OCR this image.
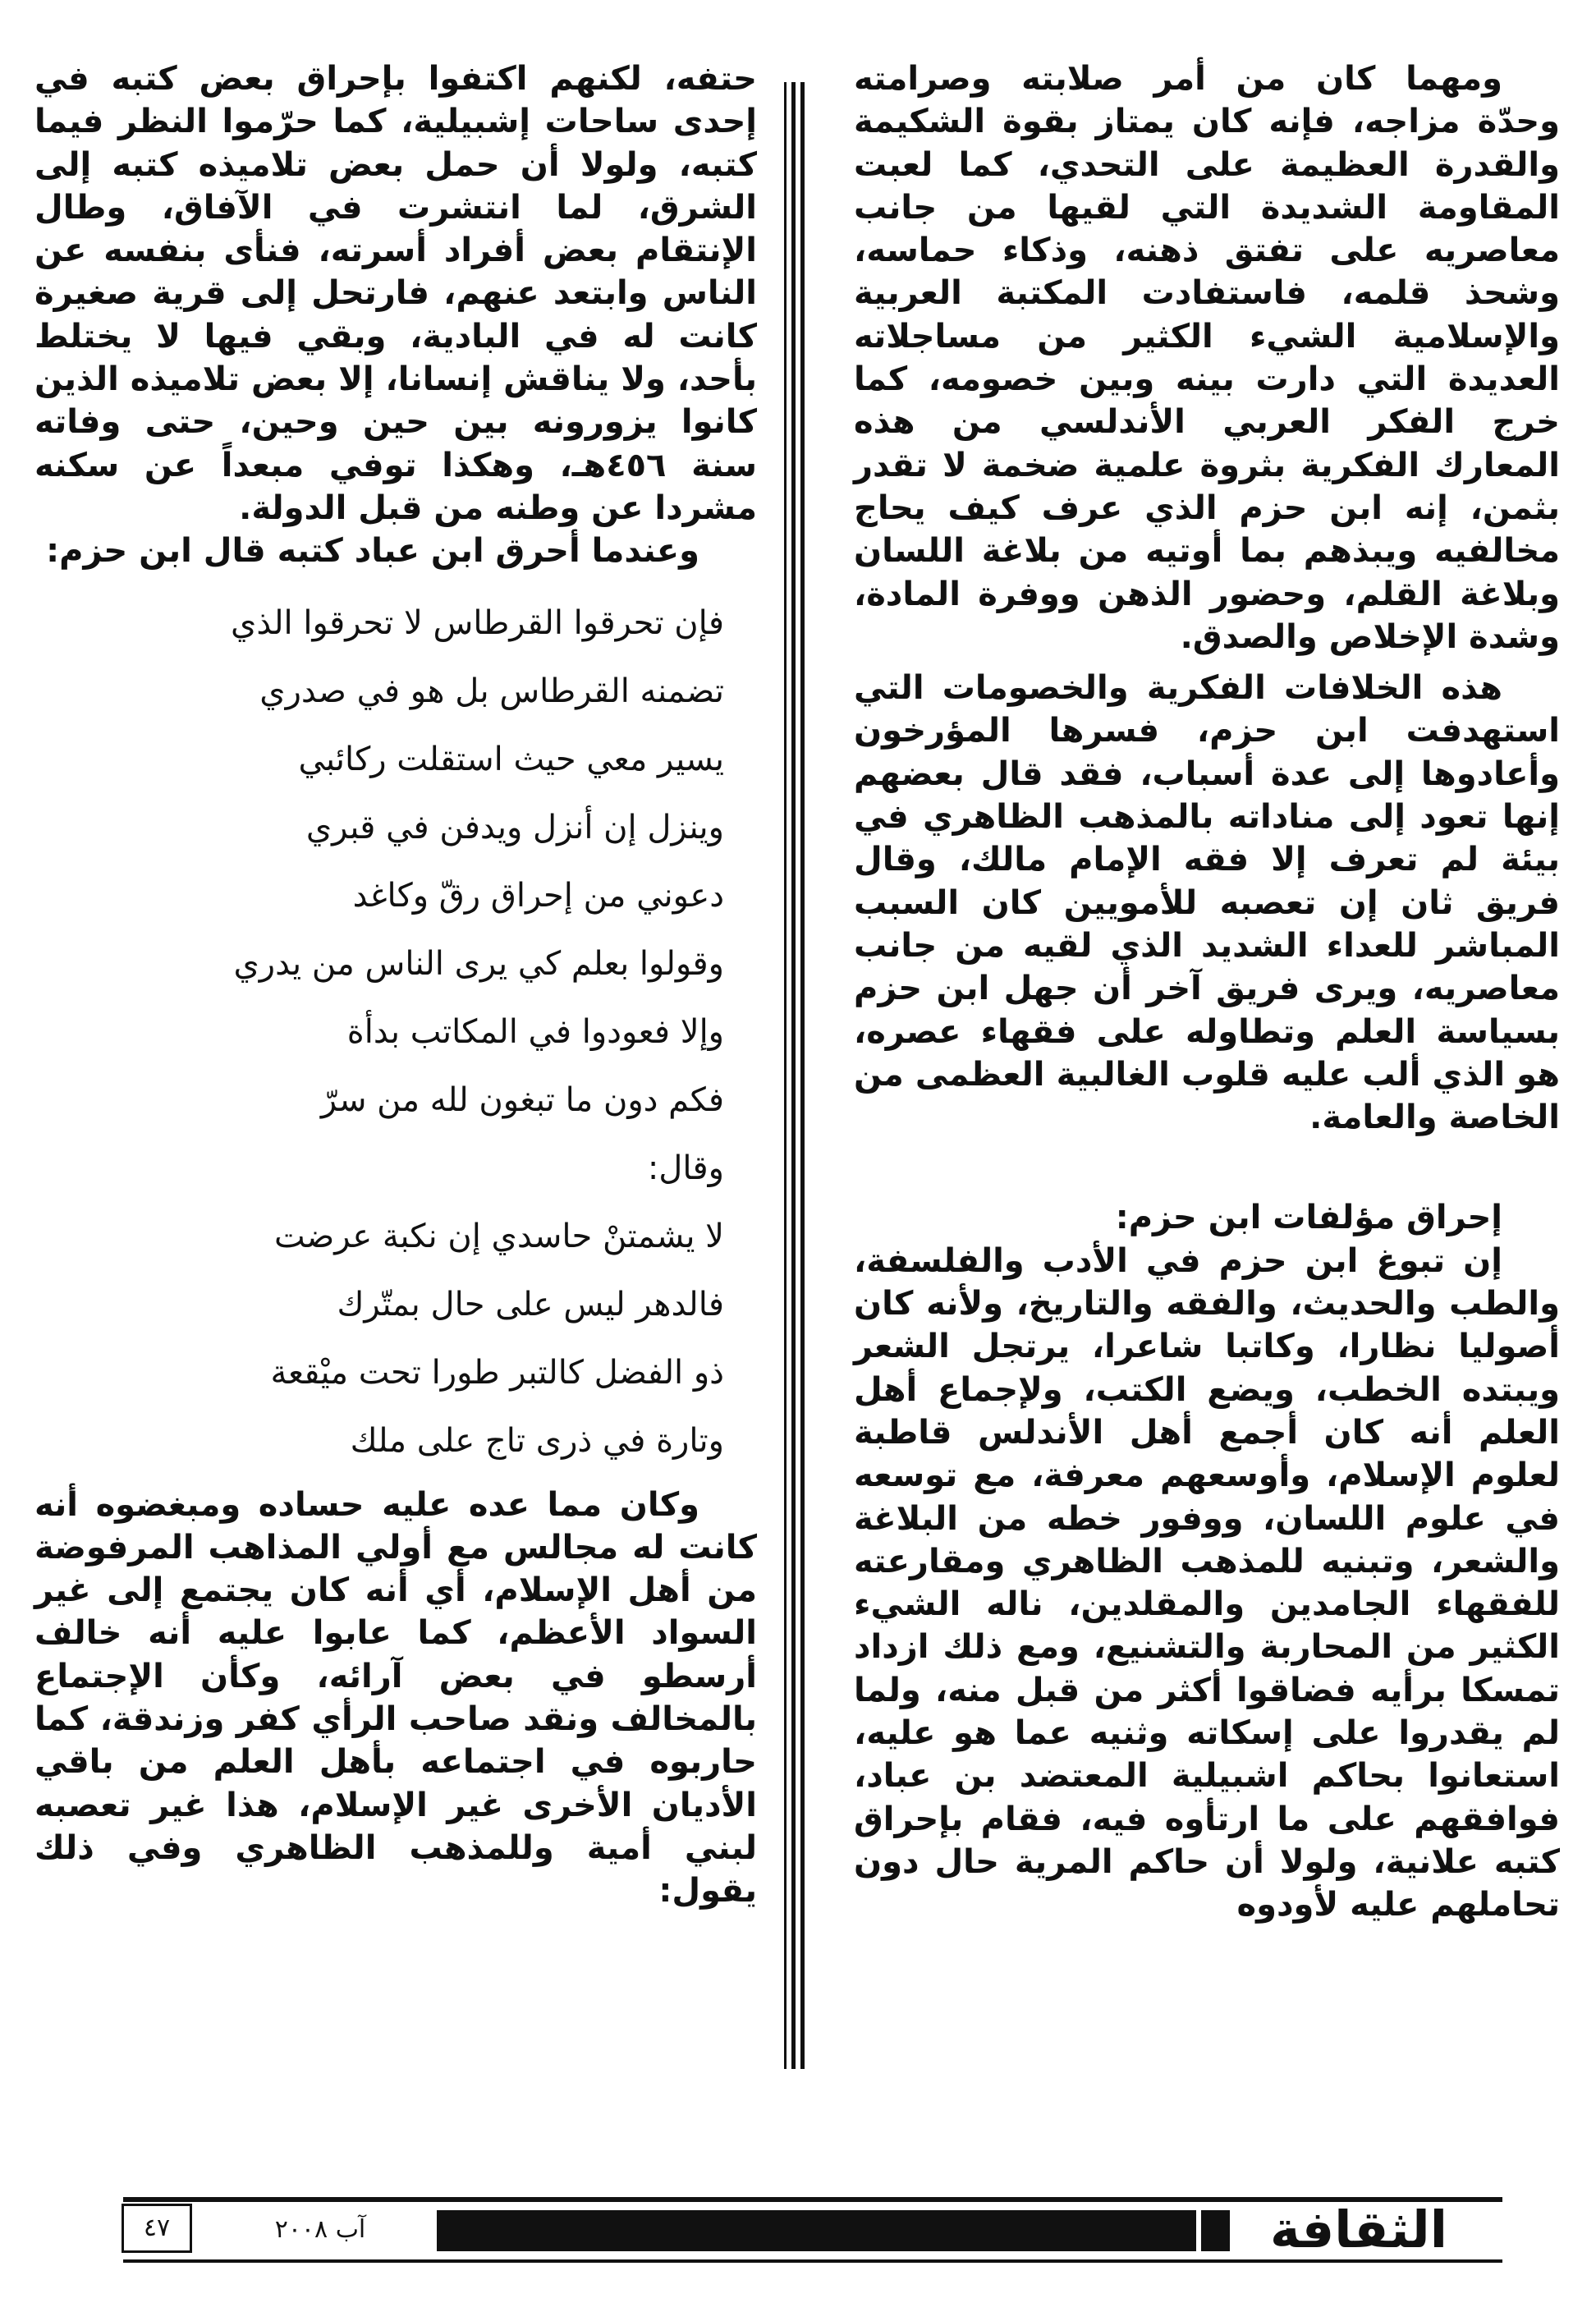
ومهما كان من أمر صلابته وصرامته وحدّة مزاجه، فإنه كان يمتاز بقوة الشكيمة والقدرة العظيمة على التحدي، كما لعبت المقاومة الشديدة التي لقيها من جانب معاصريه على تفتق ذهنه، وذكاء حماسه، وشحذ قلمه، فاستفادت المكتبة العربية والإسلامية الشيء الكثير من مساجلاته العديدة التي دارت بينه وبين خصومه، كما خرج الفكر العربي الأندلسي من هذه المعارك الفكرية بثروة علمية ضخمة لا تقدر بثمن، إنه ابن حزم الذي عرف كيف يحاج مخالفيه ويبذهم بما أوتيه من بلاغة اللسان وبلاغة القلم، وحضور الذهن ووفرة المادة، وشدة الإخلاص والصدق.

هذه الخلافات الفكرية والخصومات التي استهدفت ابن حزم، فسرها المؤرخون وأعادوها إلى عدة أسباب، فقد قال بعضهم إنها تعود إلى مناداته بالمذهب الظاهري في بيئة لم تعرف إلا فقه الإمام مالك، وقال فريق ثان إن تعصبه للأمويين كان السبب المباشر للعداء الشديد الذي لقيه من جانب معاصريه، ويرى فريق آخر أن جهل ابن حزم بسياسة العلم وتطاوله على فقهاء عصره، هو الذي ألب عليه قلوب الغالبية العظمى من الخاصة والعامة.

إحراق مؤلفات ابن حزم:

إن تبوغ ابن حزم في الأدب والفلسفة، والطب والحديث، والفقه والتاريخ، ولأنه كان أصوليا نظارا، وكاتبا شاعرا، يرتجل الشعر ويبتده الخطب، ويضع الكتب، ولإجماع أهل العلم أنه كان أجمع أهل الأندلس قاطبة لعلوم الإسلام، وأوسعهم معرفة، مع توسعه في علوم اللسان، ووفور خطه من البلاغة والشعر، وتبنيه للمذهب الظاهري ومقارعته للفقهاء الجامدين والمقلدين، ناله الشيء الكثير من المحاربة والتشنيع، ومع ذلك ازداد تمسكا برأيه فضاقوا أكثر من قبل منه، ولما لم يقدروا على إسكاته وثنيه عما هو عليه، استعانوا بحاكم اشبيلية المعتضد بن عباد، فوافقهم على ما ارتأوه فيه، فقام بإحراق كتبه علانية، ولولا أن حاكم المرية حال دون تحاملهم عليه لأودوه

حتفه، لكنهم اكتفوا بإحراق بعض كتبه في إحدى ساحات إشبيلية، كما حرّموا النظر فيما كتبه، ولولا أن حمل بعض تلاميذه كتبه إلى الشرق، لما انتشرت في الآفاق، وطال الإنتقام بعض أفراد أسرته، فنأى بنفسه عن الناس وابتعد عنهم، فارتحل إلى قرية صغيرة كانت له في البادية، وبقي فيها لا يختلط بأحد، ولا يناقش إنسانا، إلا بعض تلاميذه الذين كانوا يزورونه بين حين وحين، حتى وفاته سنة ٤٥٦هـ، وهكذا توفي مبعداً عن سكنه مشردا عن وطنه من قبل الدولة.

وعندما أحرق ابن عباد كتبه قال ابن حزم:

فإن تحرقوا القرطاس لا تحرقوا الذي
تضمنه القرطاس بل هو في صدري
يسير معي حيث استقلت ركائبي
وينزل إن أنزل ويدفن في قبري
دعوني من إحراق رقّ وكاغد
وقولوا بعلم كي يرى الناس من يدري
وإلا فعودوا في المكاتب بدأة
فكم دون ما تبغون لله من سرّ
وقال:
لا يشمتنْ حاسدي إن نكبة عرضت
فالدهر ليس على حال بمتّرك
ذو الفضل كالتبر طورا تحت ميْقعة
وتارة في ذرى تاج على ملك

وكان مما عده عليه حساده ومبغضوه أنه كانت له مجالس مع أولي المذاهب المرفوضة من أهل الإسلام، أي أنه كان يجتمع إلى غير السواد الأعظم، كما عابوا عليه أنه خالف أرسطو في بعض آرائه، وكأن الإجتماع بالمخالف ونقد صاحب الرأي كفر وزندقة، كما حاربوه في اجتماعه بأهل العلم من باقي الأديان الأخرى غير الإسلام، هذا غير تعصبه لبني أمية وللمذهب الظاهري وفي ذلك يقول:

الثقافة
آب ٢٠٠٨
٤٧
